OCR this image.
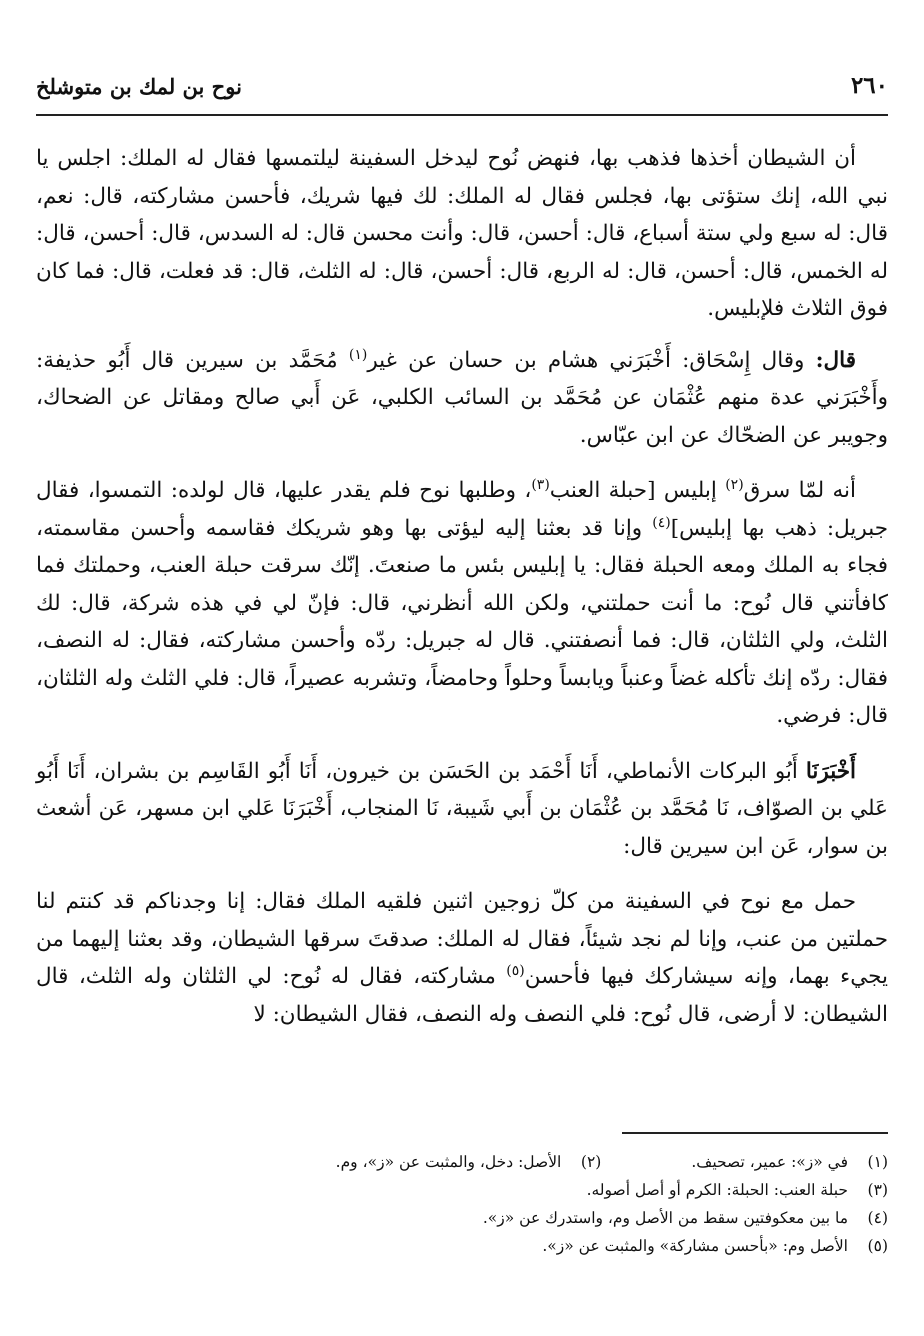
٢٦٠
نوح بن لمك بن متوشلخ

أن الشيطان أخذها فذهب بها، فنهض نُوح ليدخل السفينة ليلتمسها فقال له الملك: اجلس يا نبي الله، إنك ستؤتى بها، فجلس فقال له الملك: لك فيها شريك، فأحسن مشاركته، قال: نعم، قال: له سبع ولي ستة أسباع، قال: أحسن، قال: وأنت محسن قال: له السدس، قال: أحسن، قال: له الخمس، قال: أحسن، قال: له الربع، قال: أحسن، قال: له الثلث، قال: قد فعلت، قال: فما كان فوق الثلاث فلإبليس.

قال: وقال إِسْحَاق: أَخْبَرَني هشام بن حسان عن غير$^{(١)}$ مُحَمَّد بن سيرين قال أَبُو حذيفة: وأَخْبَرَني عدة منهم عُثْمَان عن مُحَمَّد بن السائب الكلبي، عَن أَبي صالح ومقاتل عن الضحاك، وجويبر عن الضحّاك عن ابن عبّاس.

أنه لمّا سرق$^{(٢)}$ إبليس [حبلة العنب$^{(٣)}$، وطلبها نوح فلم يقدر عليها، قال لولده: التمسوا، فقال جبريل: ذهب بها إبليس]$^{(٤)}$ وإنا قد بعثنا إليه ليؤتى بها وهو شريكك فقاسمه وأحسن مقاسمته، فجاء به الملك ومعه الحبلة فقال: يا إبليس بئس ما صنعتَ. إنّك سرقت حبلة العنب، وحملتك فما كافأتني قال نُوح: ما أنت حملتني، ولكن الله أنظرني، قال: فإنّ لي في هذه شركة، قال: لك الثلث، ولي الثلثان، قال: فما أنصفتني. قال له جبريل: ردّه وأحسن مشاركته، فقال: له النصف، فقال: ردّه إنك تأكله غضاً وعنباً ويابساً وحلواً وحامضاً، وتشربه عصيراً، قال: فلي الثلث وله الثلثان، قال: فرضي.

أَخْبَرَنَا أَبُو البركات الأنماطي، أَنَا أَحْمَد بن الحَسَن بن خيرون، أَنَا أَبُو القَاسِم بن بشران، أَنَا أَبُو عَلي بن الصوّاف، نَا مُحَمَّد بن عُثْمَان بن أَبي شَيبة، نَا المنجاب، أَخْبَرَنَا عَلي ابن مسهر، عَن أشعث بن سوار، عَن ابن سيرين قال:

حمل مع نوح في السفينة من كلّ زوجين اثنين فلقيه الملك فقال: إنا وجدناكم قد كنتم لنا حملتين من عنب، وإنا لم نجد شيئاً، فقال له الملك: صدقتَ سرقها الشيطان، وقد بعثنا إليهما من يجيء بهما، وإنه سيشاركك فيها فأحسن$^{(٥)}$ مشاركته، فقال له نُوح: لي الثلثان وله الثلث، قال الشيطان: لا أرضى، قال نُوح: فلي النصف وله النصف، فقال الشيطان: لا

(١)في «ز»: عمير، تصحيف.(٢)الأصل: دخل، والمثبت عن «ز»، وم.
(٣)حبلة العنب: الحبلة: الكرم أو أصل أصوله.
(٤)ما بين معكوفتين سقط من الأصل وم، واستدرك عن «ز».
(٥)الأصل وم: «بأحسن مشاركة» والمثبت عن «ز».
